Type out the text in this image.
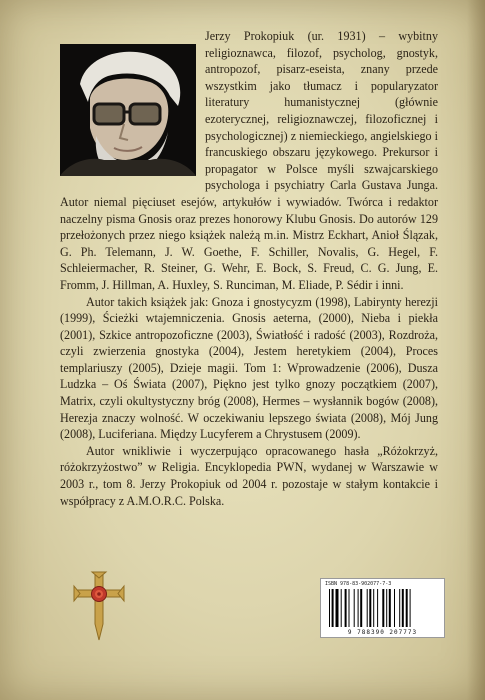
Jerzy Prokopiuk (ur. 1931) – wybitny religioznawca, filozof, psycholog, gnostyk, antropozof, pisarz-eseista, znany przede wszystkim jako tłumacz i popularyzator literatury humanistycznej (głównie ezoterycznej, religioznawczej, filozoficznej i psychologicznej) z niemieckiego, angielskiego i francuskiego obszaru językowego. Prekursor i propagator w Polsce myśli szwajcarskiego psychologa i psychiatry Carla Gustava Junga. Autor niemal pięciuset esejów, artykułów i wywiadów. Twórca i redaktor naczelny pisma Gnosis oraz prezes honorowy Klubu Gnosis. Do autorów 129 przełożonych przez niego książek należą m.in. Mistrz Eckhart, Anioł Ślązak, G. Ph. Telemann, J. W. Goethe, F. Schiller, Novalis, G. Hegel, F. Schleiermacher, R. Steiner, G. Wehr, E. Bock, S. Freud, C. G. Jung, E. Fromm, J. Hillman, A. Huxley, S. Runciman, M. Eliade, P. Sédir i inni.

Autor takich książek jak: Gnoza i gnostycyzm (1998), Labirynty herezji (1999), Ścieżki wtajemniczenia. Gnosis aeterna, (2000), Nieba i piekła (2001), Szkice antropozoficzne (2003), Światłość i radość (2003), Rozdroża, czyli zwierzenia gnostyka (2004), Jestem heretykiem (2004), Proces templariuszy (2005), Dzieje magii. Tom 1: Wprowadzenie (2006), Dusza Ludzka – Oś Świata (2007), Piękno jest tylko gnozy początkiem (2007), Matrix, czyli okultystyczny bróg (2008), Hermes – wysłannik bogów (2008), Herezja znaczy wolność. W oczekiwaniu lepszego świata (2008), Mój Jung (2008), Luciferiana. Między Lucyferem a Chrystusem (2009).

Autor wnikliwie i wyczerpująco opracowanego hasła „Różokrzyż, różokrzyżostwo” w Religia. Encyklopedia PWN, wydanej w Warszawie w 2003 r., tom 8. Jerzy Prokopiuk od 2004 r. pozostaje w stałym kontakcie i współpracy z A.M.O.R.C. Polska.

ISBN 978-83-902077-7-3
9 788390 207773
